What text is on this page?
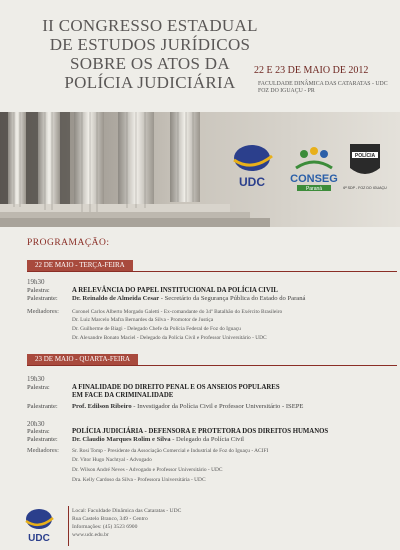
II CONGRESSO ESTADUAL
DE ESTUDOS JURÍDICOS
SOBRE OS ATOS DA
POLÍCIA JUDICIÁRIA
22 E 23 DE MAIO DE 2012
FACULDADE DINÂMICA DAS CATARATAS - UDC
FOZ DO IGUAÇU - PR
UDC CONSEG
Paraná
POLÍCIA
6ª SDP - FOZ DO IGUAÇU
PROGRAMAÇÃO:
22 DE MAIO - TERÇA-FEIRA
19h30
Palestra:	A RELEVÂNCIA DO PAPEL INSTITUCIONAL DA POLÍCIA CIVIL
Palestrante: Dr. Reinaldo de Almeida Cesar - Secretário da Segurança Pública do Estado do Paraná
Mediadores: Coronel Carlos Alberto Morgado Galetti - Ex-comandante do 34º Batalhão do Exército Brasileiro
Dr. Luiz Marcelo Mafra Bernardes da Silva - Promotor de Justiça
Dr. Guilherme de Biagi - Delegado Chefe da Polícia Federal de Foz do Iguaçu
Dr. Alexandre Bonato Maciel - Delegado da Polícia Civil e Professor Universitário - UDC
23 DE MAIO - QUARTA-FEIRA
19h30
Palestra:	A FINALIDADE DO DIREITO PENAL E OS ANSEIOS POPULARES
EM FACE DA CRIMINALIDADE
Palestrante: Prof. Edilson Ribeiro - Investigador da Polícia Civil e Professor Universitário - ISEPE
20h30
Palestra:	POLÍCIA JUDICIÁRIA - DEFENSORA E PROTETORA DOS DIREITOS HUMANOS
Palestrante: Dr. Claudio Marques Rolim e Silva - Delegado da Polícia Civil
Mediadores: Sr. Rosi Tomp - Presidente da Associação Comercial e Industrial de Foz do Iguaçu - ACIFI
Dr. Vitor Hugo Nachtyal - Advogado
Dr. Wilson André Neves - Advogado e Professor Universitário - UDC
Dra. Kelly Cardoso da Silva - Professora Universitária - UDC
UDC
Local: Faculdade Dinâmica das Cataratas - UDC
Rua Castelo Branco, 349 - Centro
Informações: (45) 3523 6900
www.udc.edu.br
